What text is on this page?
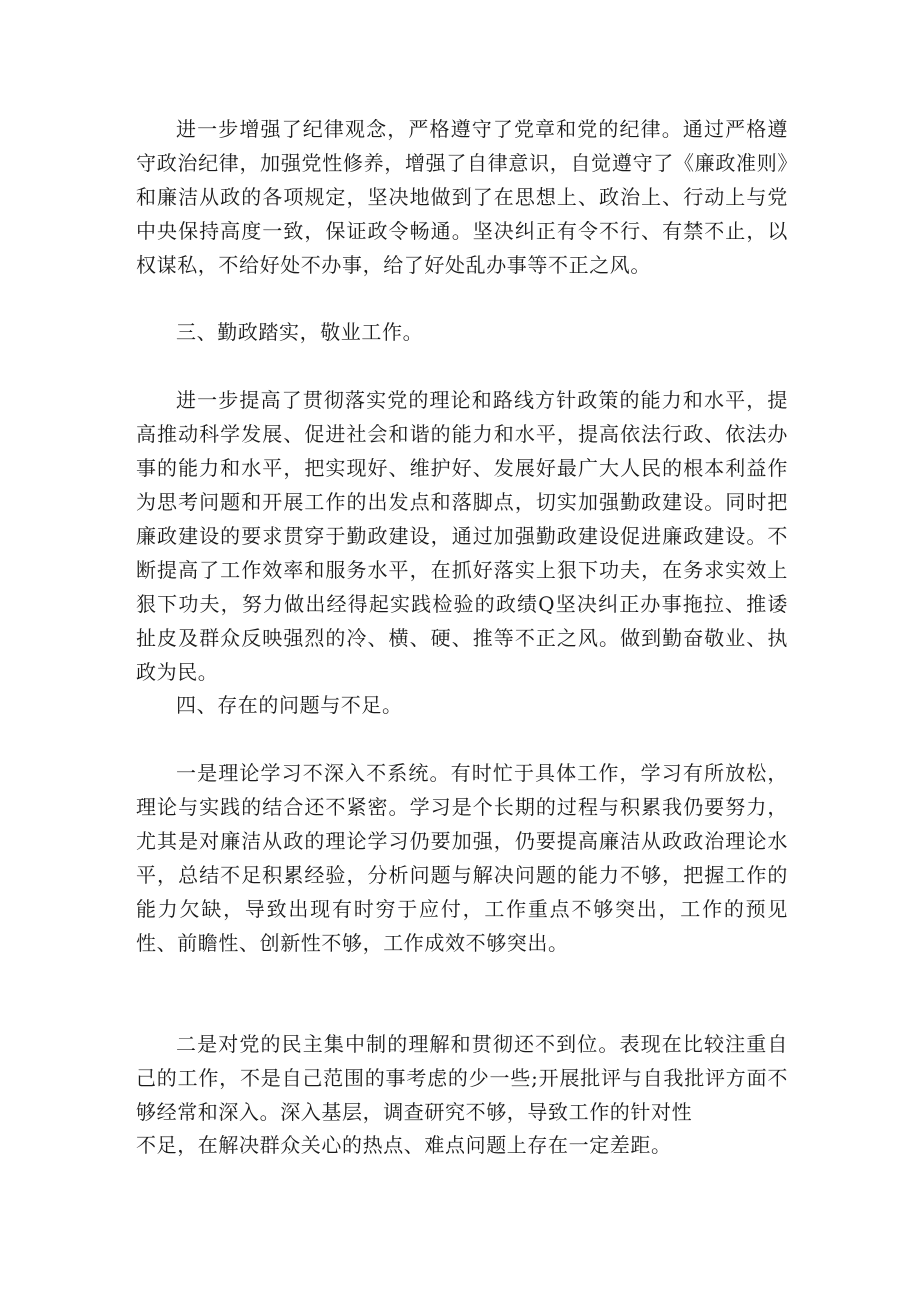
进一步增强了纪律观念，严格遵守了党章和党的纪律。通过严格遵守政治纪律，加强党性修养，增强了自律意识，自觉遵守了《廉政准则》和廉洁从政的各项规定，坚决地做到了在思想上、政治上、行动上与党中央保持高度一致，保证政令畅通。坚决纠正有令不行、有禁不止，以权谋私，不给好处不办事，给了好处乱办事等不正之风。

三、勤政踏实，敬业工作。

进一步提高了贯彻落实党的理论和路线方针政策的能力和水平，提高推动科学发展、促进社会和谐的能力和水平，提高依法行政、依法办事的能力和水平，把实现好、维护好、发展好最广大人民的根本利益作为思考问题和开展工作的出发点和落脚点，切实加强勤政建设。同时把廉政建设的要求贯穿于勤政建设，通过加强勤政建设促进廉政建设。不断提高了工作效率和服务水平，在抓好落实上狠下功夫，在务求实效上狠下功夫，努力做出经得起实践检验的政绩Q坚决纠正办事拖拉、推诿扯皮及群众反映强烈的冷、横、硬、推等不正之风。做到勤奋敬业、执政为民。

四、存在的问题与不足。

一是理论学习不深入不系统。有时忙于具体工作，学习有所放松，理论与实践的结合还不紧密。学习是个长期的过程与积累我仍要努力，尤其是对廉洁从政的理论学习仍要加强，仍要提高廉洁从政政治理论水平，总结不足积累经验，分析问题与解决问题的能力不够，把握工作的能力欠缺，导致出现有时穷于应付，工作重点不够突出，工作的预见性、前瞻性、创新性不够，工作成效不够突出。

二是对党的民主集中制的理解和贯彻还不到位。表现在比较注重自己的工作，不是自己范围的事考虑的少一些;开展批评与自我批评方面不够经常和深入。深入基层，调查研究不够，导致工作的针对性

不足，在解决群众关心的热点、难点问题上存在一定差距。
